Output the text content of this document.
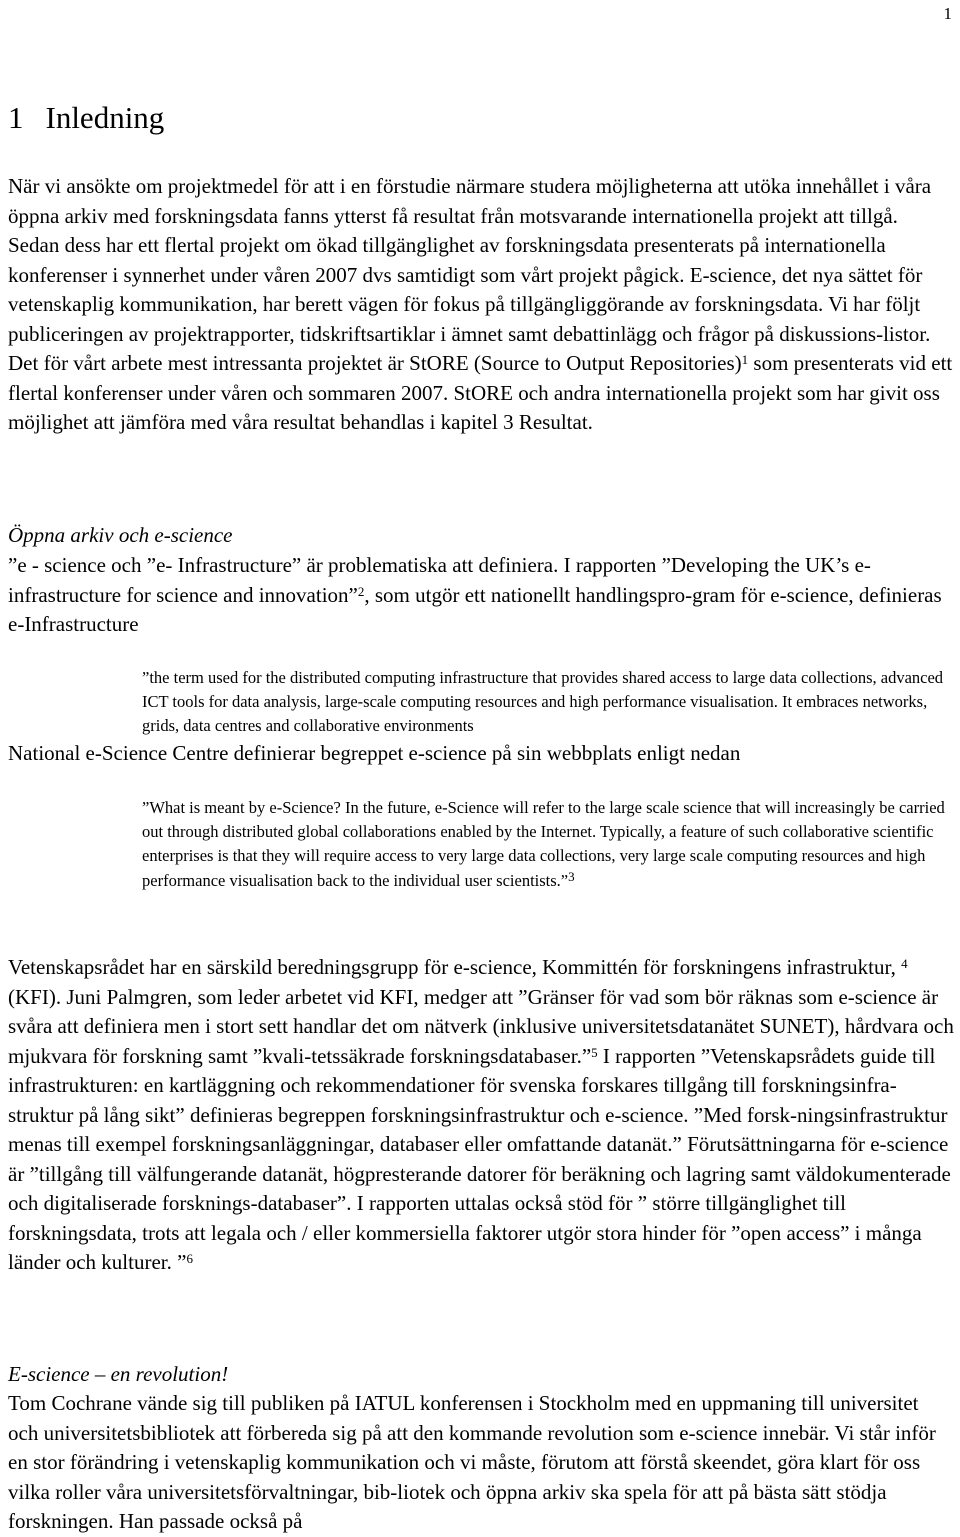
1
1 Inledning

När vi ansökte om projektmedel för att i en förstudie närmare studera möjligheterna att utöka innehållet i våra öppna arkiv med forskningsdata fanns ytterst få resultat från motsvarande internationella projekt att tillgå. Sedan dess har ett flertal projekt om ökad tillgänglighet av forskningsdata presenterats på internationella konferenser i synnerhet under våren 2007 dvs samtidigt som vårt projekt pågick. E-science, det nya sättet för vetenskaplig kommunikation, har berett vägen för fokus på tillgängliggörande av forskningsdata. Vi har följt publiceringen av projektrapporter, tidskriftsartiklar i ämnet samt debattinlägg och frågor på diskussions-listor. Det för vårt arbete mest intressanta projektet är StORE (Source to Output Repositories)$^1$ som presenterats vid ett flertal konferenser under våren och sommaren 2007. StORE och andra internationella projekt som har givit oss möjlighet att jämföra med våra resultat behandlas i kapitel 3 Resultat.

Öppna arkiv och e-science

”e - science och ”e- Infrastructure” är problematiska att definiera. I rapporten ”Developing the UK’s e-infrastructure for science and innovation”$^2$, som utgör ett nationellt handlingspro-gram för e-science, definieras e-Infrastructure

”the term used for the distributed computing infrastructure that provides shared access to large data collections, advanced ICT tools for data analysis, large-scale computing resources and high performance visualisation. It embraces networks, grids, data centres and collaborative environments

National e-Science Centre definierar begreppet e-science på sin webbplats enligt nedan

”What is meant by e-Science? In the future, e-Science will refer to the large scale science that will increasingly be carried out through distributed global collaborations enabled by the Internet. Typically, a feature of such collaborative scientific enterprises is that they will require access to very large data collections, very large scale computing resources and high performance visualisation back to the individual user scientists.”$^3$

Vetenskapsrådet har en särskild beredningsgrupp för e-science, Kommittén för forskningens infrastruktur, $^4$ (KFI). Juni Palmgren, som leder arbetet vid KFI, medger att ”Gränser för vad som bör räknas som e-science är svåra att definiera men i stort sett handlar det om nätverk (inklusive universitetsdatanätet SUNET), hårdvara och mjukvara för forskning samt ”kvali-tetssäkrade forskningsdatabaser.”$^5$ I rapporten ”Vetenskapsrådets guide till infrastrukturen: en kartläggning och rekommendationer för svenska forskares tillgång till forskningsinfra-struktur på lång sikt” definieras begreppen forskningsinfrastruktur och e-science. ”Med forsk-ningsinfrastruktur menas till exempel forskningsanläggningar, databaser eller omfattande datanät.” Förutsättningarna för e-science är ”tillgång till välfungerande datanät, högpresterande datorer för beräkning och lagring samt väldokumenterade och digitaliserade forsknings-databaser”. I rapporten uttalas också stöd för ” större tillgänglighet till forskningsdata, trots att legala och / eller kommersiella faktorer utgör stora hinder för ”open access” i många länder och kulturer. ”$^6$

E-science – en revolution!

Tom Cochrane vände sig till publiken på IATUL konferensen i Stockholm med en uppmaning till universitet och universitetsbibliotek att förbereda sig på att den kommande revolution som e-science innebär. Vi står inför en stor förändring i vetenskaplig kommunikation och vi måste, förutom att förstå skeendet, göra klart för oss vilka roller våra universitetsförvaltningar, bib-liotek och öppna arkiv ska spela för att på bästa sätt stödja forskningen. Han passade också på
